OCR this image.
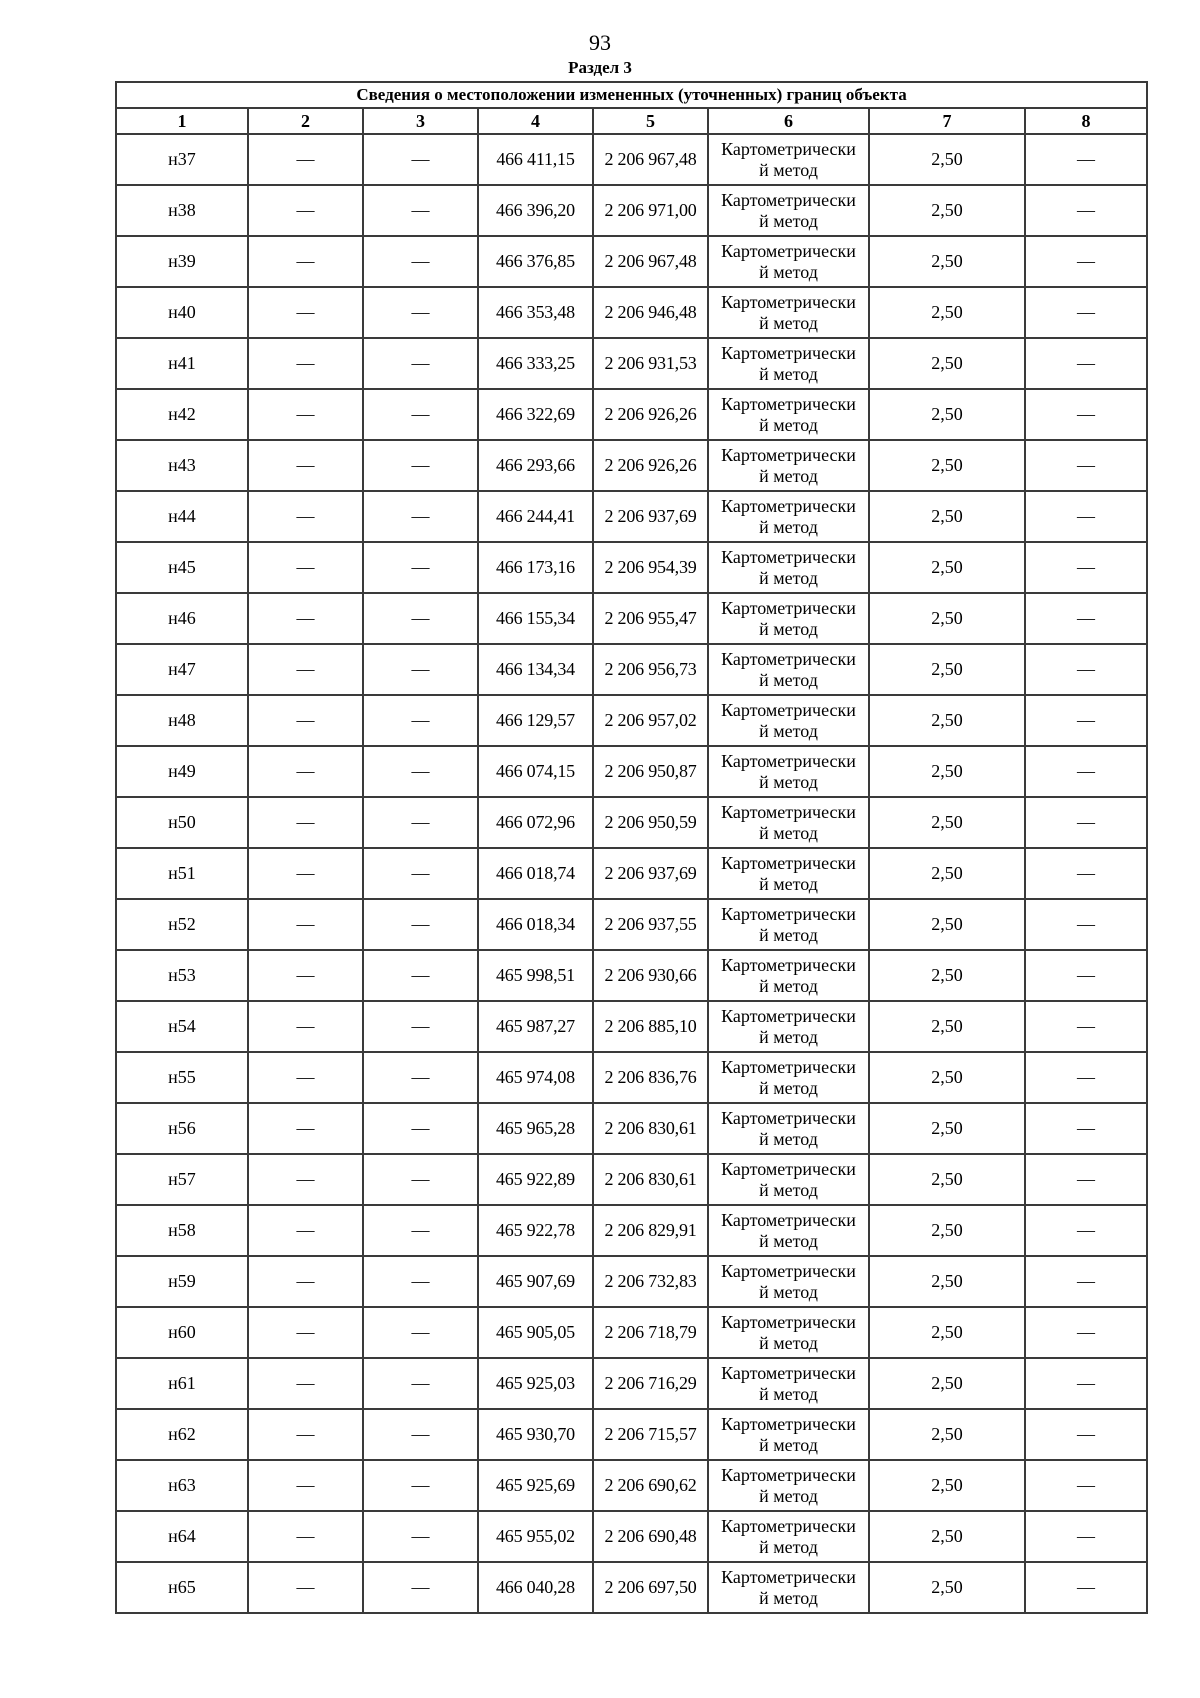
93
Раздел 3
Сведения о местоположении измененных (уточненных) границ объекта							
1	2	3	4	5	6	7	8
н37	—	—	466 411,15	2 206 967,48	Картометрически
й метод	2,50	—
н38	—	—	466 396,20	2 206 971,00	Картометрически
й метод	2,50	—
н39	—	—	466 376,85	2 206 967,48	Картометрически
й метод	2,50	—
н40	—	—	466 353,48	2 206 946,48	Картометрически
й метод	2,50	—
н41	—	—	466 333,25	2 206 931,53	Картометрически
й метод	2,50	—
н42	—	—	466 322,69	2 206 926,26	Картометрически
й метод	2,50	—
н43	—	—	466 293,66	2 206 926,26	Картометрически
й метод	2,50	—
н44	—	—	466 244,41	2 206 937,69	Картометрически
й метод	2,50	—
н45	—	—	466 173,16	2 206 954,39	Картометрически
й метод	2,50	—
н46	—	—	466 155,34	2 206 955,47	Картометрически
й метод	2,50	—
н47	—	—	466 134,34	2 206 956,73	Картометрически
й метод	2,50	—
н48	—	—	466 129,57	2 206 957,02	Картометрически
й метод	2,50	—
н49	—	—	466 074,15	2 206 950,87	Картометрически
й метод	2,50	—
н50	—	—	466 072,96	2 206 950,59	Картометрически
й метод	2,50	—
н51	—	—	466 018,74	2 206 937,69	Картометрически
й метод	2,50	—
н52	—	—	466 018,34	2 206 937,55	Картометрически
й метод	2,50	—
н53	—	—	465 998,51	2 206 930,66	Картометрически
й метод	2,50	—
н54	—	—	465 987,27	2 206 885,10	Картометрически
й метод	2,50	—
н55	—	—	465 974,08	2 206 836,76	Картометрически
й метод	2,50	—
н56	—	—	465 965,28	2 206 830,61	Картометрически
й метод	2,50	—
н57	—	—	465 922,89	2 206 830,61	Картометрически
й метод	2,50	—
н58	—	—	465 922,78	2 206 829,91	Картометрически
й метод	2,50	—
н59	—	—	465 907,69	2 206 732,83	Картометрически
й метод	2,50	—
н60	—	—	465 905,05	2 206 718,79	Картометрически
й метод	2,50	—
н61	—	—	465 925,03	2 206 716,29	Картометрически
й метод	2,50	—
н62	—	—	465 930,70	2 206 715,57	Картометрически
й метод	2,50	—
н63	—	—	465 925,69	2 206 690,62	Картометрически
й метод	2,50	—
н64	—	—	465 955,02	2 206 690,48	Картометрически
й метод	2,50	—
н65	—	—	466 040,28	2 206 697,50	Картометрически
й метод	2,50	—
